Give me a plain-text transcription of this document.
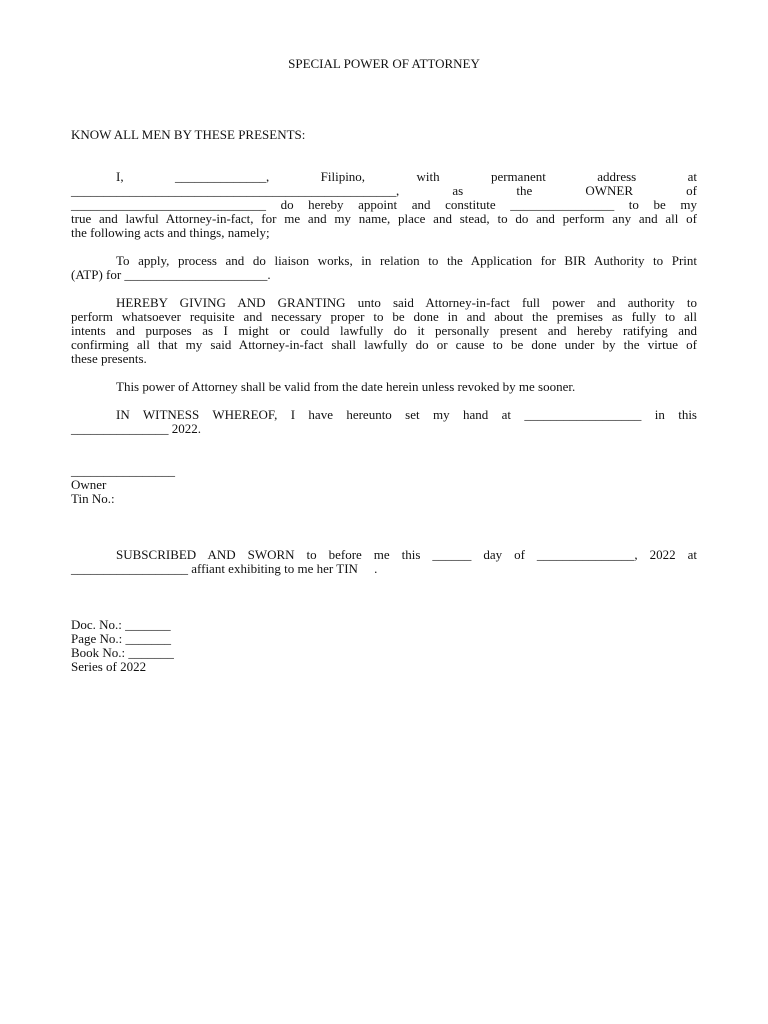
SPECIAL POWER OF ATTORNEY
KNOW ALL MEN BY THESE PRESENTS:
I, ______________, Filipino, with permanent address at
__________________________________________________, as the OWNER of
______________________________ do hereby appoint and constitute ________________ to be my
true and lawful Attorney-in-fact, for me and my name, place and stead, to do and perform any and all of
the following acts and things, namely;
To apply, process and do liaison works, in relation to the Application for BIR Authority to Print
(ATP) for ______________________.
HEREBY GIVING AND GRANTING unto said Attorney-in-fact full power and authority to
perform whatsoever requisite and necessary proper to be done in and about the premises as fully to all
intents and purposes as I might or could lawfully do it personally present and hereby ratifying and
confirming all that my said Attorney-in-fact shall lawfully do or cause to be done under by the virtue of
these presents.
This power of Attorney shall be valid from the date herein unless revoked by me sooner.
IN WITNESS WHEREOF, I have hereunto set my hand at __________________ in this
_______________ 2022.
________________
Owner
Tin No.:
SUBSCRIBED AND SWORN to before me this ______ day of _______________, 2022 at
__________________ affiant exhibiting to me her TIN     .
Doc. No.: _______
Page No.: _______
Book No.: _______
Series of 2022
